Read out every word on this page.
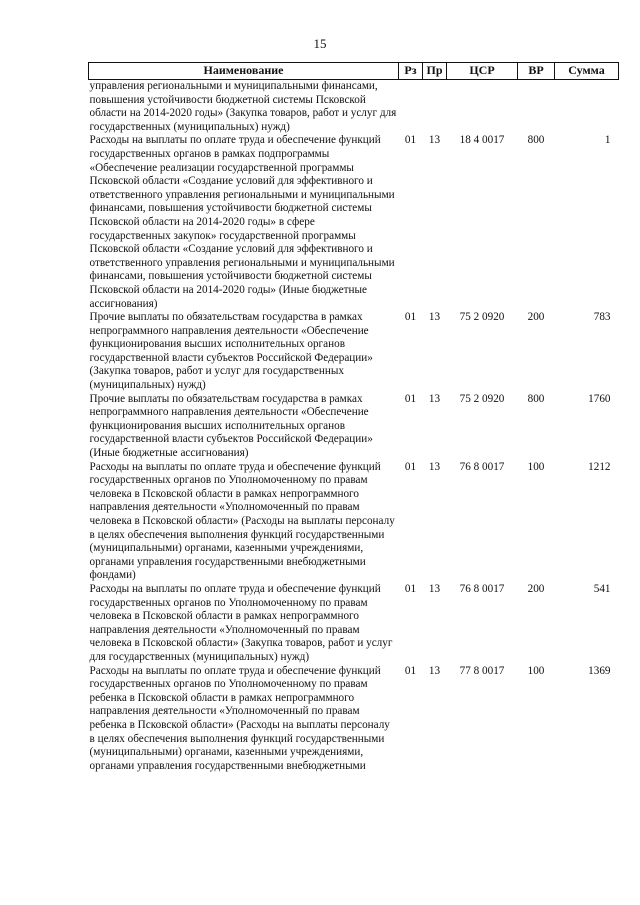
15
Наименование	Рз	Пр	ЦСР	ВР	Сумма
управления региональными и муниципальными финансами, повышения устойчивости бюджетной системы Псковской области на 2014-2020 годы» (Закупка товаров, работ и услуг для государственных (муниципальных) нужд)					
Расходы на выплаты по оплате труда и обеспечение функций государственных органов в рамках подпрограммы «Обеспечение реализации государственной программы Псковской области «Создание условий для эффективного и ответственного управления региональными и муниципальными финансами, повышения устойчивости бюджетной системы Псковской области на 2014-2020 годы» в сфере государственных закупок» государственной программы Псковской области «Создание условий для эффективного и ответственного управления региональными и муниципальными финансами, повышения устойчивости бюджетной системы Псковской области на 2014-2020 годы» (Иные бюджетные ассигнования)	01	13	18 4 0017	800	1
Прочие выплаты по обязательствам государства в рамках непрограммного направления деятельности «Обеспечение функционирования высших исполнительных органов государственной власти субъектов Российской Федерации» (Закупка товаров, работ и услуг для государственных (муниципальных) нужд)	01	13	75 2 0920	200	783
Прочие выплаты по обязательствам государства в рамках непрограммного направления деятельности «Обеспечение функционирования высших исполнительных органов государственной власти субъектов Российской Федерации» (Иные бюджетные ассигнования)	01	13	75 2 0920	800	1760
Расходы на выплаты по оплате труда и обеспечение функций государственных органов по Уполномоченному по правам человека в Псковской области в рамках непрограммного направления деятельности «Уполномоченный по правам человека в Псковской области» (Расходы на выплаты персоналу в целях обеспечения выполнения функций государственными (муниципальными) органами, казенными учреждениями, органами управления государственными внебюджетными фондами)	01	13	76 8 0017	100	1212
Расходы на выплаты по оплате труда и обеспечение функций государственных органов по Уполномоченному по правам человека в Псковской области в рамках непрограммного направления деятельности «Уполномоченный по правам человека в Псковской области» (Закупка товаров, работ и услуг для государственных (муниципальных) нужд)	01	13	76 8 0017	200	541
Расходы на выплаты по оплате труда и обеспечение функций государственных органов по Уполномоченному по правам ребенка в Псковской области в рамках непрограммного направления деятельности «Уполномоченный по правам ребенка в Псковской области» (Расходы на выплаты персоналу в целях обеспечения выполнения функций государственными (муниципальными) органами, казенными учреждениями, органами управления государственными внебюджетными	01	13	77 8 0017	100	1369
